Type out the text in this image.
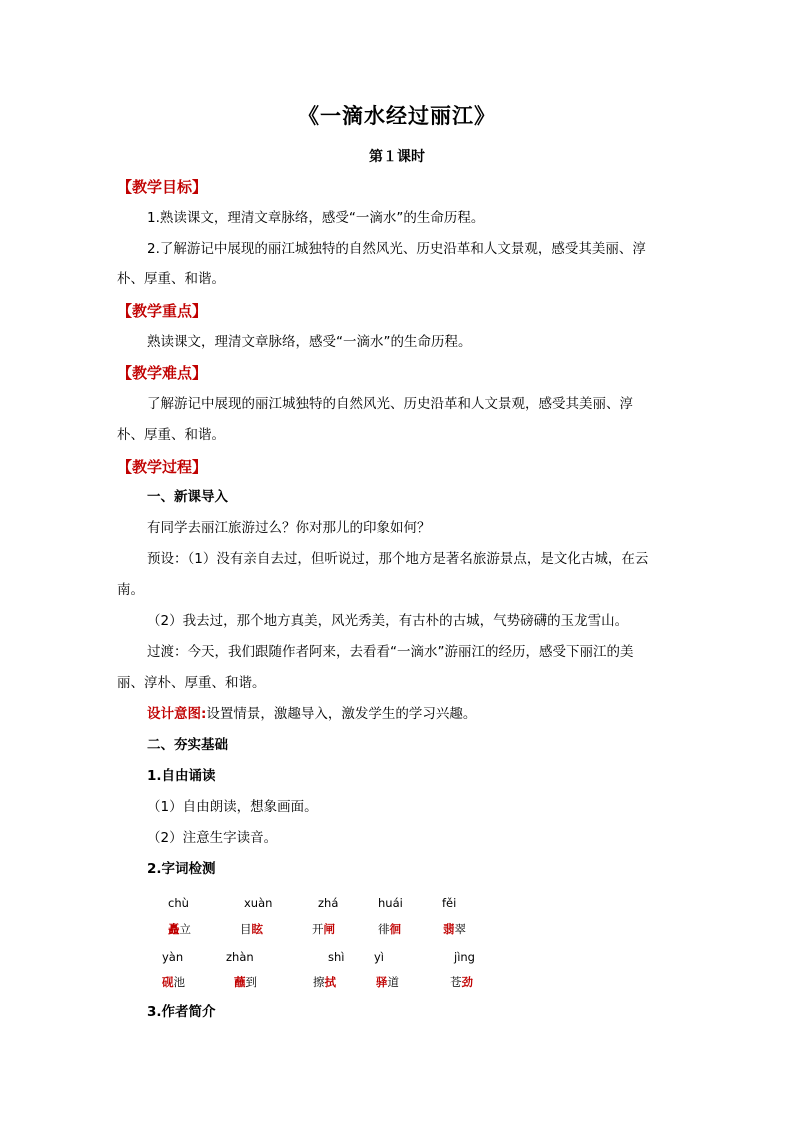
《一滴水经过丽江》
第１课时
【教学目标】
1.熟读课文，理清文章脉络，感受“一滴水”的生命历程。
2.了解游记中展现的丽江城独特的自然风光、历史沿革和人文景观，感受其美丽、淳
朴、厚重、和谐。
【教学重点】
熟读课文，理清文章脉络，感受“一滴水”的生命历程。
【教学难点】
了解游记中展现的丽江城独特的自然风光、历史沿革和人文景观，感受其美丽、淳
朴、厚重、和谐。
【教学过程】
一、新课导入
有同学去丽江旅游过么？你对那儿的印象如何？
预设：（1）没有亲自去过，但听说过，那个地方是著名旅游景点，是文化古城，在云
南。
（2）我去过，那个地方真美，风光秀美，有古朴的古城，气势磅礴的玉龙雪山。
过渡：今天，我们跟随作者阿来，去看看“一滴水”游丽江的经历，感受下丽江的美
丽、淳朴、厚重、和谐。
设计意图:设置情景，激趣导入，激发学生的学习兴趣。
二、夯实基础
1.自由诵读
（1）自由朗读，想象画面。
（2）注意生字读音。
2.字词检测
chù
矗立
xuàn
目眩
zhá
开闸
huái
徘徊
fěi
翡翠
yàn
砚池
zhàn
蘸到
shì
擦拭
yì
驿道
jìng
苍劲
3.作者简介
